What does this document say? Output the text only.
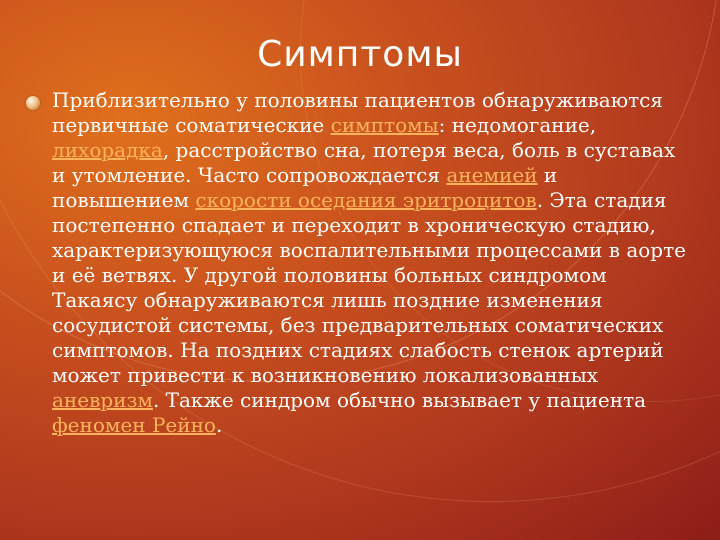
Симптомы
Приблизительно у половины пациентов обнаруживаются первичные соматические симптомы: недомогание, лихорадка, расстройство сна, потеря веса, боль в суставах и утомление. Часто сопровождается анемией и повышением скорости оседания эритроцитов. Эта стадия постепенно спадает и переходит в хроническую стадию, характеризующуюся воспалительными процессами в аорте и её ветвях. У другой половины больных синдромом Такаясу обнаруживаются лишь поздние изменения сосудистой системы, без предварительных соматических симптомов. На поздних стадиях слабость стенок артерий может привести к возникновению локализованных аневризм. Также синдром обычно вызывает у пациента феномен Рейно.
